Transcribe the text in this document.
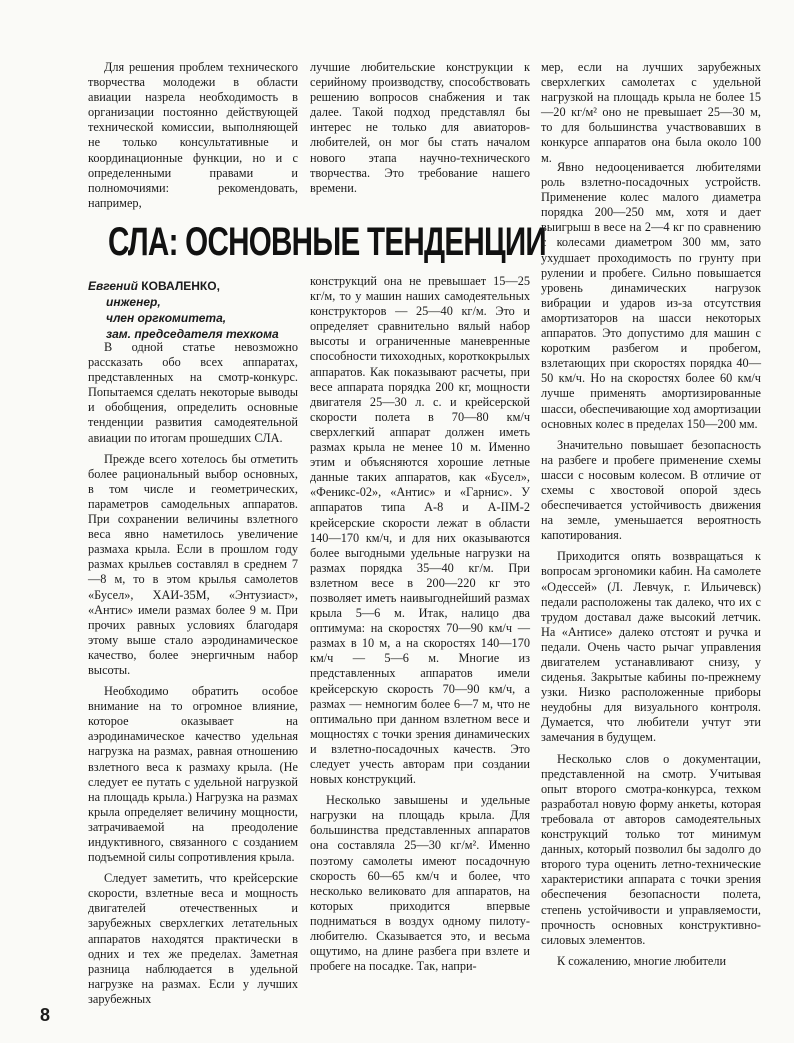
Для решения проблем технического творчества молодежи в области авиации назрела необходимость в организации постоянно действующей технической комиссии, выполняющей не только консультативные и координационные функции, но и с определенными правами и полномочиями: рекомендовать, например,

лучшие любительские конструкции к серийному производству, способствовать решению вопросов снабжения и так далее. Такой подход представлял бы интерес не только для авиаторов-любителей, он мог бы стать началом нового этапа научно-технического творчества. Это требование нашего времени.

мер, если на лучших зарубежных сверхлегких самолетах с удельной нагрузкой на площадь крыла не более 15—20 кг/м² оно не превышает 25—30 м, то для большинства участвовавших в конкурсе аппаратов она была около 100 м.

СЛА: ОСНОВНЫЕ ТЕНДЕНЦИИ
Евгений КОВАЛЕНКО,
инженер,
член оргкомитета,
зам. председателя техкома

В одной статье невозможно рассказать обо всех аппаратах, представленных на смотр-конкурс. Попытаемся сделать некоторые выводы и обобщения, определить основные тенденции развития самодеятельной авиации по итогам прошедших СЛА.

Прежде всего хотелось бы отметить более рациональный выбор основных, в том числе и геометрических, параметров самодельных аппаратов. При сохранении величины взлетного веса явно наметилось увеличение размаха крыла. Если в прошлом году размах крыльев составлял в среднем 7—8 м, то в этом крылья самолетов «Бусел», ХАИ-35М, «Энтузиаст», «Антис» имели размах более 9 м. При прочих равных условиях благодаря этому выше стало аэродинамическое качество, более энергичным набор высоты.

Необходимо обратить особое внимание на то огромное влияние, которое оказывает на аэродинамическое качество удельная нагрузка на размах, равная отношению взлетного веса к размаху крыла. (Не следует ее путать с удельной нагрузкой на площадь крыла.) Нагрузка на размах крыла определяет величину мощности, затрачиваемой на преодоление индуктивного, связанного с созданием подъемной силы сопротивления крыла.

Следует заметить, что крейсерские скорости, взлетные веса и мощность двигателей отечественных и зарубежных сверхлегких летательных аппаратов находятся практически в одних и тех же пределах. Заметная разница наблюдается в удельной нагрузке на размах. Если у лучших зарубежных

конструкций она не превышает 15—25 кг/м, то у машин наших самодеятельных конструкторов — 25—40 кг/м. Это и определяет сравнительно вялый набор высоты и ограниченные маневренные способности тихоходных, короткокрылых аппаратов. Как показывают расчеты, при весе аппарата порядка 200 кг, мощности двигателя 25—30 л. с. и крейсерской скорости полета в 70—80 км/ч сверхлегкий аппарат должен иметь размах крыла не менее 10 м. Именно этим и объясняются хорошие летные данные таких аппаратов, как «Бусел», «Феникс-02», «Антис» и «Гарнис». У аппаратов типа А-8 и А-ІІМ-2 крейсерские скорости лежат в области 140—170 км/ч, и для них оказываются более выгодными удельные нагрузки на размах порядка 35—40 кг/м. При взлетном весе в 200—220 кг это позволяет иметь наивыгоднейший размах крыла 5—6 м. Итак, налицо два оптимума: на скоростях 70—90 км/ч — размах в 10 м, а на скоростях 140—170 км/ч — 5—6 м. Многие из представленных аппаратов имели крейсерскую скорость 70—90 км/ч, а размах — немногим более 6—7 м, что не оптимально при данном взлетном весе и мощностях с точки зрения динамических и взлетно-посадочных качеств. Это следует учесть авторам при создании новых конструкций.

Несколько завышены и удельные нагрузки на площадь крыла. Для большинства представленных аппаратов она составляла 25—30 кг/м². Именно поэтому самолеты имеют посадочную скорость 60—65 км/ч и более, что несколько великовато для аппаратов, на которых приходится впервые подниматься в воздух одному пилоту-любителю. Сказывается это, и весьма ощутимо, на длине разбега при взлете и пробеге на посадке. Так, напри-

Явно недооценивается любителями роль взлетно-посадочных устройств. Применение колес малого диаметра порядка 200—250 мм, хотя и дает выигрыш в весе на 2—4 кг по сравнению с колесами диаметром 300 мм, зато ухудшает проходимость по грунту при рулении и пробеге. Сильно повышается уровень динамических нагрузок вибрации и ударов из-за отсутствия амортизаторов на шасси некоторых аппаратов. Это допустимо для машин с коротким разбегом и пробегом, взлетающих при скоростях порядка 40—50 км/ч. Но на скоростях более 60 км/ч лучше применять амортизированные шасси, обеспечивающие ход амортизации основных колес в пределах 150—200 мм.

Значительно повышает безопасность на разбеге и пробеге применение схемы шасси с носовым колесом. В отличие от схемы с хвостовой опорой здесь обеспечивается устойчивость движения на земле, уменьшается вероятность капотирования.

Приходится опять возвращаться к вопросам эргономики кабин. На самолете «Одессей» (Л. Левчук, г. Ильичевск) педали расположены так далеко, что их с трудом доставал даже высокий летчик. На «Антисе» далеко отстоят и ручка и педали. Очень часто рычаг управления двигателем устанавливают снизу, у сиденья. Закрытые кабины по-прежнему узки. Низко расположенные приборы неудобны для визуального контроля. Думается, что любители учтут эти замечания в будущем.

Несколько слов о документации, представленной на смотр. Учитывая опыт второго смотра-конкурса, техком разработал новую форму анкеты, которая требовала от авторов самодеятельных конструкций только тот минимум данных, который позволил бы задолго до второго тура оценить летно-технические характеристики аппарата с точки зрения обеспечения безопасности полета, степень устойчивости и управляемости, прочность основных конструктивно-силовых элементов.

К сожалению, многие любители

8
